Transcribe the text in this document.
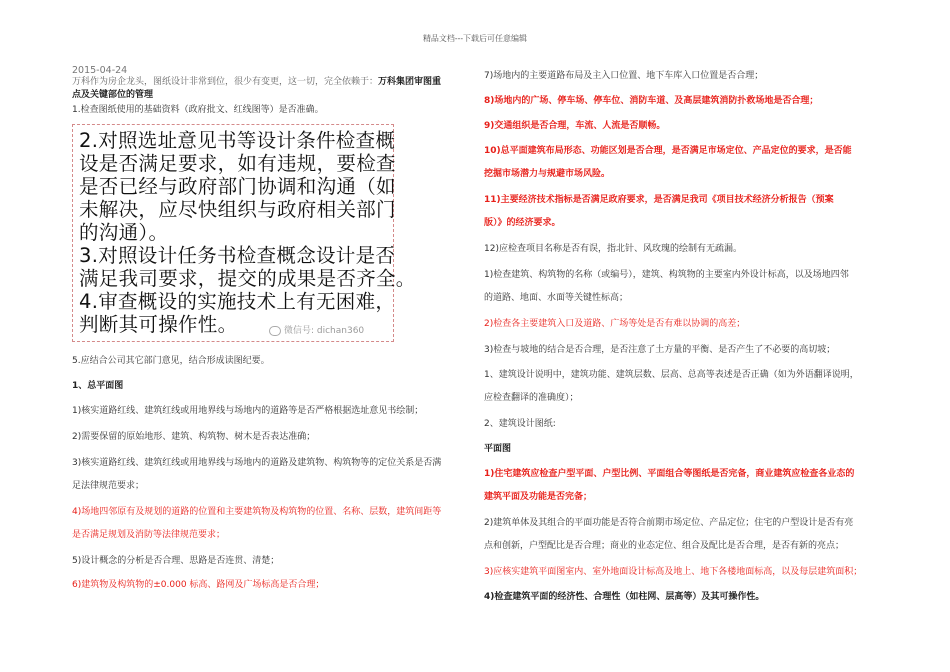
精品文档---下载后可任意编辑
2015-04-24
万科作为房企龙头，图纸设计非常到位，很少有变更，这一切，完全依赖于：万科集团审图重
点及关键部位的管理
1.检查图纸使用的基础资料（政府批文、红线图等）是否准确。
2.对照选址意见书等设计条件检查概
设是否满足要求，如有违规，要检查
是否已经与政府部门协调和沟通（如
未解决，应尽快组织与政府相关部门
的沟通）。
3.对照设计任务书检查概念设计是否
满足我司要求，提交的成果是否齐全。
4.审查概设的实施技术上有无困难，
判断其可操作性。	微信号: dichan360
5.应结合公司其它部门意见，结合形成读图纪要。
1、总平面图
1)核实道路红线、建筑红线或用地界线与场地内的道路等是否严格根据选址意见书绘制；
2)需要保留的原始地形、建筑、构筑物、树木是否表达准确；
3)核实道路红线、建筑红线或用地界线与场地内的道路及建筑物、构筑物等的定位关系是否满
足法律规范要求；
4)场地四邻原有及规划的道路的位置和主要建筑物及构筑物的位置、名称、层数，建筑间距等
是否满足规划及消防等法律规范要求；
5)设计概念的分析是否合理、思路是否连贯、清楚；
6)建筑物及构筑物的±0.000 标高、路网及广场标高是否合理；
7)场地内的主要道路布局及主入口位置、地下车库入口位置是否合理；
8)场地内的广场、停车场、停车位、消防车道、及高层建筑消防扑救场地是否合理；
9)交通组织是否合理，车流、人流是否顺畅。
10)总平面建筑布局形态、功能区划是否合理，是否满足市场定位、产品定位的要求，是否能
挖掘市场潜力与规避市场风险。
11)主要经济技术指标是否满足政府要求，是否满足我司《项目技术经济分析报告（预案
版）》的经济要求。
12)应检查项目名称是否有误，指北针、风玫瑰的绘制有无疏漏。
1)检查建筑、构筑物的名称（或编号），建筑、构筑物的主要室内外设计标高，以及场地四邻
的道路、地面、水面等关键性标高；
2)检查各主要建筑入口及道路、广场等处是否有难以协调的高差；
3)检查与坡地的结合是否合理，是否注意了土方量的平衡、是否产生了不必要的高切坡；
1、建筑设计说明中，建筑功能、建筑层数、层高、总高等表述是否正确（如为外语翻译说明，
应检查翻译的准确度）；
2、建筑设计图纸:
平面图
1)住宅建筑应检查户型平面、户型比例、平面组合等图纸是否完备，商业建筑应检查各业态的
建筑平面及功能是否完备；
2)建筑单体及其组合的平面功能是否符合前期市场定位、产品定位；住宅的户型设计是否有亮
点和创新，户型配比是否合理；商业的业态定位、组合及配比是否合理，是否有新的亮点；
3)应核实建筑平面图室内、室外地面设计标高及地上、地下各楼地面标高，以及每层建筑面积；
4)检查建筑平面的经济性、合理性（如柱网、层高等）及其可操作性。
